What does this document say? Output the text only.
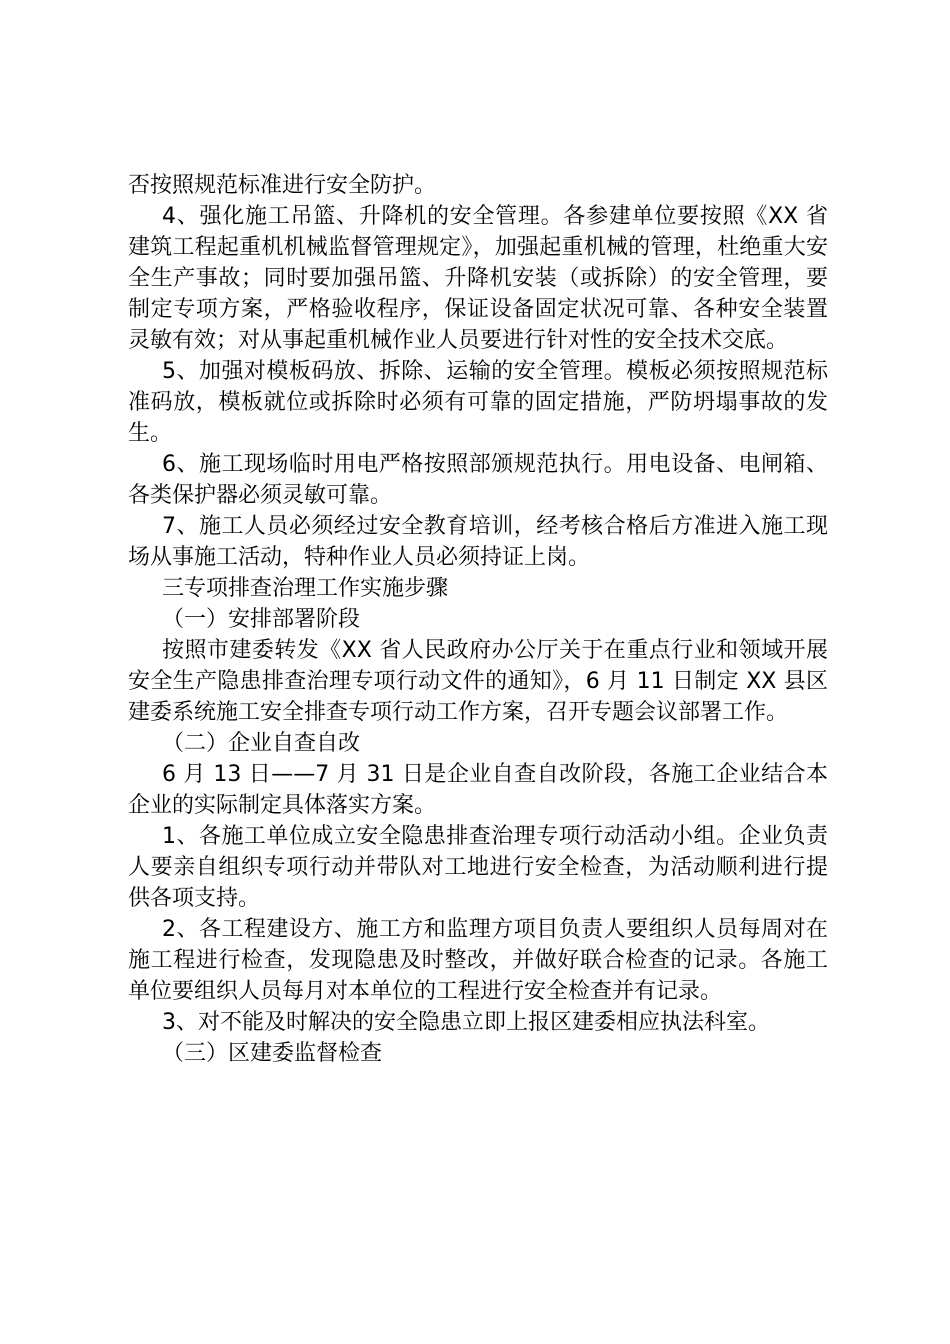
否按照规范标准进行安全防护。

4、强化施工吊篮、升降机的安全管理。各参建单位要按照《XX 省建筑工程起重机机械监督管理规定》，加强起重机械的管理，杜绝重大安全生产事故；同时要加强吊篮、升降机安装（或拆除）的安全管理，要制定专项方案，严格验收程序，保证设备固定状况可靠、各种安全装置灵敏有效；对从事起重机械作业人员要进行针对性的安全技术交底。

5、加强对模板码放、拆除、运输的安全管理。模板必须按照规范标准码放，模板就位或拆除时必须有可靠的固定措施，严防坍塌事故的发生。

6、施工现场临时用电严格按照部颁规范执行。用电设备、电闸箱、各类保护器必须灵敏可靠。

7、施工人员必须经过安全教育培训，经考核合格后方准进入施工现场从事施工活动，特种作业人员必须持证上岗。

三专项排查治理工作实施步骤

（一）安排部署阶段

按照市建委转发《XX 省人民政府办公厅关于在重点行业和领域开展安全生产隐患排查治理专项行动文件的通知》，6 月 11 日制定 XX 县区建委系统施工安全排查专项行动工作方案，召开专题会议部署工作。

（二）企业自查自改

6 月 13 日——7 月 31 日是企业自查自改阶段，各施工企业结合本企业的实际制定具体落实方案。

1、各施工单位成立安全隐患排查治理专项行动活动小组。企业负责人要亲自组织专项行动并带队对工地进行安全检查，为活动顺利进行提供各项支持。

2、各工程建设方、施工方和监理方项目负责人要组织人员每周对在施工程进行检查，发现隐患及时整改，并做好联合检查的记录。各施工单位要组织人员每月对本单位的工程进行安全检查并有记录。

3、对不能及时解决的安全隐患立即上报区建委相应执法科室。

（三）区建委监督检查
